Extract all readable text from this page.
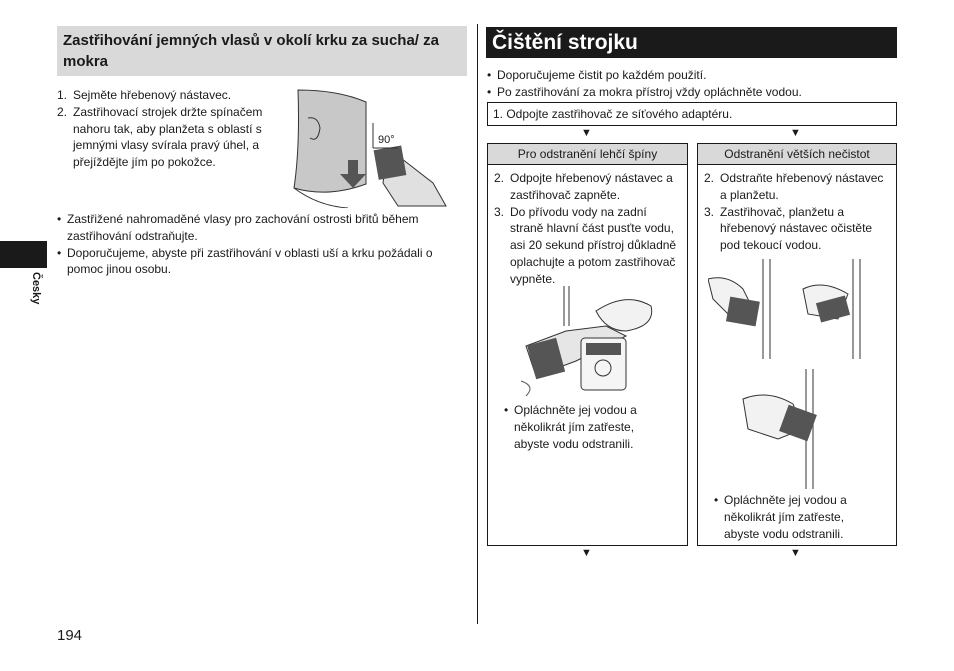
Zastřihování jemných vlasů v okolí krku za sucha/ za mokra
1. Sejměte hřebenový nástavec.
2. Zastřihovací strojek držte spínačem
nahoru tak, aby planžeta s oblastí s
jemnými vlasy svírala pravý úhel, a
přejíždějte jím po pokožce.
90°
• Zastřižené nahromaděné vlasy pro zachování ostrosti břitů během
zastřihování odstraňujte.
• Doporučujeme, abyste při zastřihování v oblasti uší a krku požádali o
pomoc jinou osobu.
Česky
194
Čištění strojku
• Doporučujeme čistit po každém použití.
• Po zastřihování za mokra přístroj vždy opláchněte vodou.
1. Odpojte zastřihovač ze síťového adaptéru.
▼	▼
Pro odstranění lehčí špíny
2. Odpojte hřebenový nástavec a
zastřihovač zapněte.
3. Do přívodu vody na zadní
straně hlavní část pusťte vodu,
asi 20 sekund přístroj důkladně
oplachujte a potom zastřihovač
vypněte.
• Opláchněte jej vodou a
několikrát jím zatřeste,
abyste vodu odstranili.
Odstranění větších nečistot
2. Odstraňte hřebenový nástavec
a planžetu.
3. Zastřihovač, planžetu a
hřebenový nástavec očistěte
pod tekoucí vodou.
• Opláchněte jej vodou a
několikrát jím zatřeste,
abyste vodu odstranili.
▼	▼
